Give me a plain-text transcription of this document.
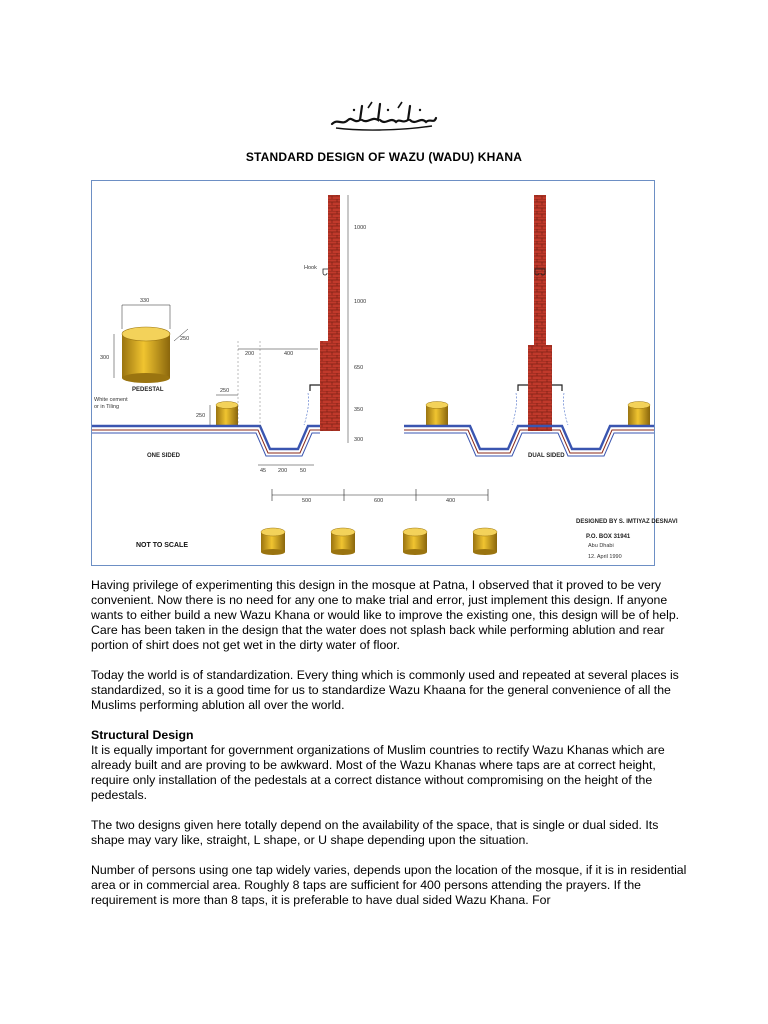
STANDARD DESIGN OF WAZU (WADU) KHANA
330
250
300
PEDESTAL
White cement
or in Tiling
250
250
ONE SIDED
200	400
45 200 50
Hook
1000
1000
650
350
300
DUAL SIDED
500	600	400
NOT TO SCALE
DESIGNED BY S. IMTIYAZ DESNAVI
P.O. BOX 31941
Abu Dhabi
12. April 1990

Having privilege of experimenting this design in the mosque at Patna, I observed that it proved to be very convenient. Now there is no need for any one to make trial and error, just implement this design. If anyone wants to either build a new Wazu Khana or would like to improve the existing one, this design will be of help. Care has been taken in the design that the water does not splash back while performing ablution and rear portion of shirt does not get wet in the dirty water of floor.

Today the world is of standardization. Every thing which is commonly used and repeated at several places is standardized, so it is a good time for us to standardize Wazu Khaana for the general convenience of all the Muslims performing ablution all over the world.

Structural Design

It is equally important for government organizations of Muslim countries to rectify Wazu Khanas which are already built and are proving to be awkward. Most of the Wazu Khanas where taps are at correct height, require only installation of the pedestals at a correct distance without compromising on the height of the pedestals.

The two designs given here totally depend on the availability of the space, that is single or dual sided. Its shape may vary like, straight, L shape, or U shape depending upon the situation.

Number of persons using one tap widely varies, depends upon the location of the mosque, if it is in residential area or in commercial area. Roughly 8 taps are sufficient for 400 persons attending the prayers. If the requirement is more than 8 taps, it is preferable to have dual sided Wazu Khana. For
